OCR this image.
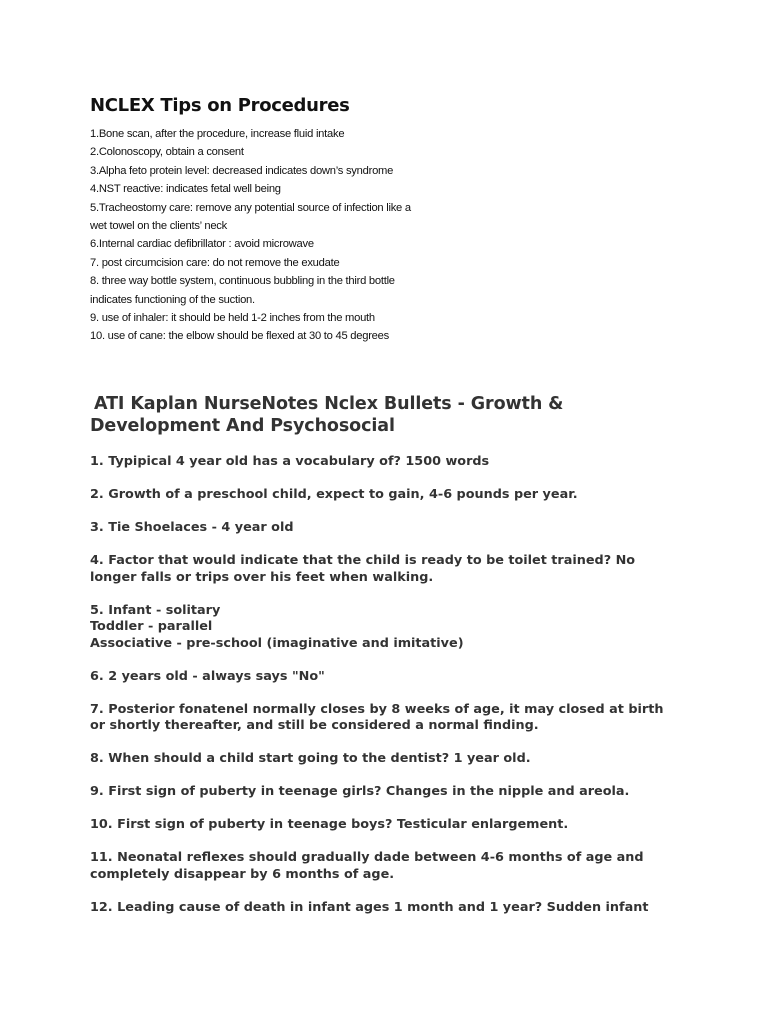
NCLEX Tips on Procedures
1.Bone scan, after the procedure, increase fluid intake
2.Colonoscopy, obtain a consent
3.Alpha feto protein level: decreased indicates down’s syndrome
4.NST reactive: indicates fetal well being
5.Tracheostomy care: remove any potential source of infection like a
wet towel on the clients’ neck
6.Internal cardiac defibrillator : avoid microwave
7. post circumcision care: do not remove the exudate
8. three way bottle system, continuous bubbling in the third bottle
indicates functioning of the suction.
9. use of inhaler: it should be held 1-2 inches from the mouth
10. use of cane: the elbow should be flexed at 30 to 45 degrees
ATI Kaplan NurseNotes Nclex Bullets - Growth &
Development And Psychosocial

1. Typipical 4 year old has a vocabulary of? 1500 words

2. Growth of a preschool child, expect to gain, 4-6 pounds per year.

3. Tie Shoelaces - 4 year old

4. Factor that would indicate that the child is ready to be toilet trained? No
longer falls or trips over his feet when walking.

5. Infant - solitary
Toddler - parallel
Associative - pre-school (imaginative and imitative)

6. 2 years old - always says "No"

7. Posterior fonatenel normally closes by 8 weeks of age, it may closed at birth
or shortly thereafter, and still be considered a normal finding.

8. When should a child start going to the dentist? 1 year old.

9. First sign of puberty in teenage girls? Changes in the nipple and areola.

10. First sign of puberty in teenage boys? Testicular enlargement.

11. Neonatal reflexes should gradually dade between 4-6 months of age and
completely disappear by 6 months of age.

12. Leading cause of death in infant ages 1 month and 1 year? Sudden infant
